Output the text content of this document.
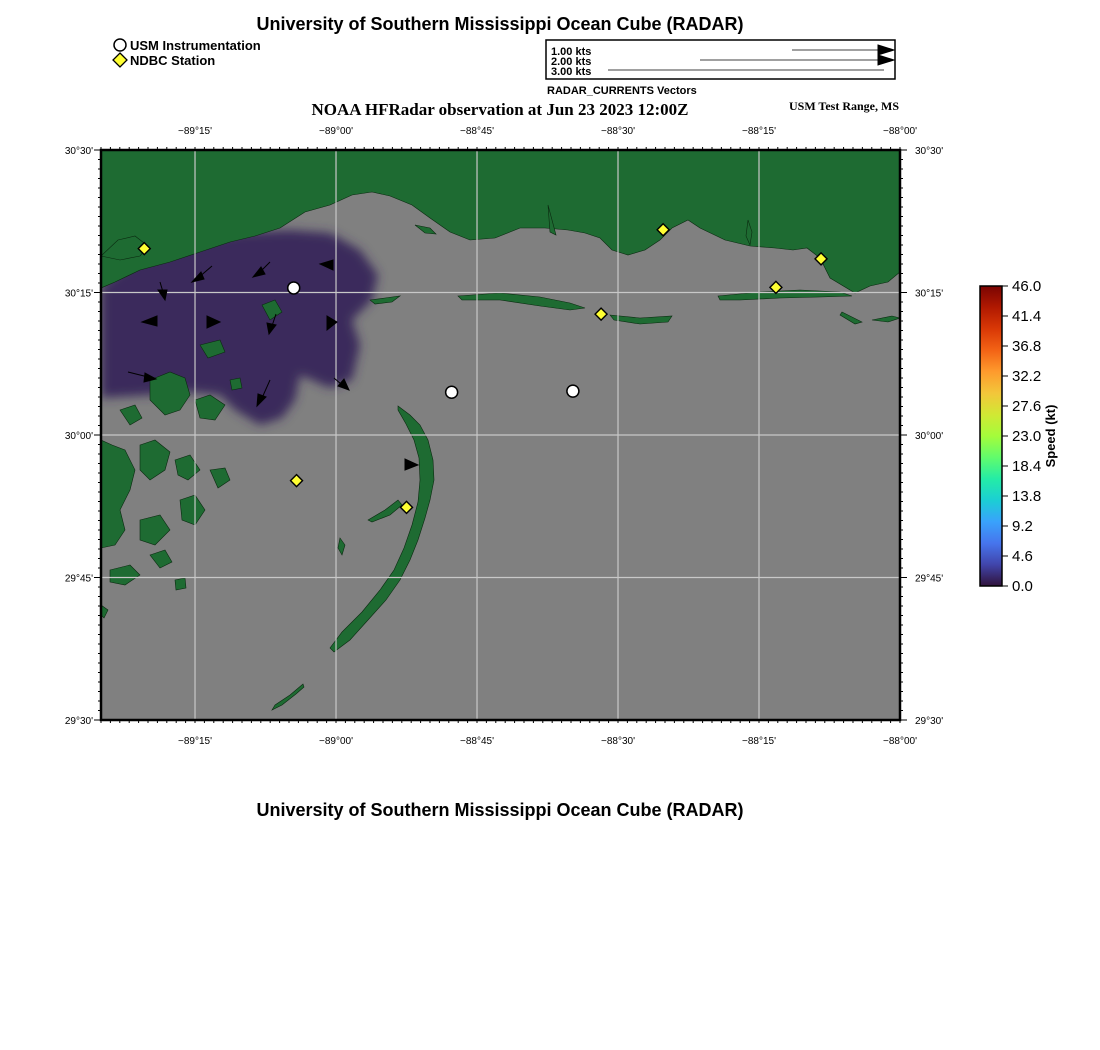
University of Southern Mississippi Ocean Cube (RADAR)
USM Instrumentation
NDBC Station
1.00 kts
2.00 kts
3.00 kts
RADAR_CURRENTS Vectors
NOAA HFRadar observation at Jun 23 2023 12:00Z	USM Test Range, MS
−89°15'	−89°00'	−88°45'	−88°30'	−88°15'	−88°00'
−89°15'	−89°00'	−88°45'	−88°30'	−88°15'	−88°00'
30°30'
30°15'
30°00'
29°45'
29°30'
30°30'
30°15'
30°00'
29°45'
29°30'
46.0
41.4
36.8
32.2
27.6
23.0
18.4
13.8
9.2
4.6
0.0
Speed (kt)
University of Southern Mississippi Ocean Cube (RADAR)
